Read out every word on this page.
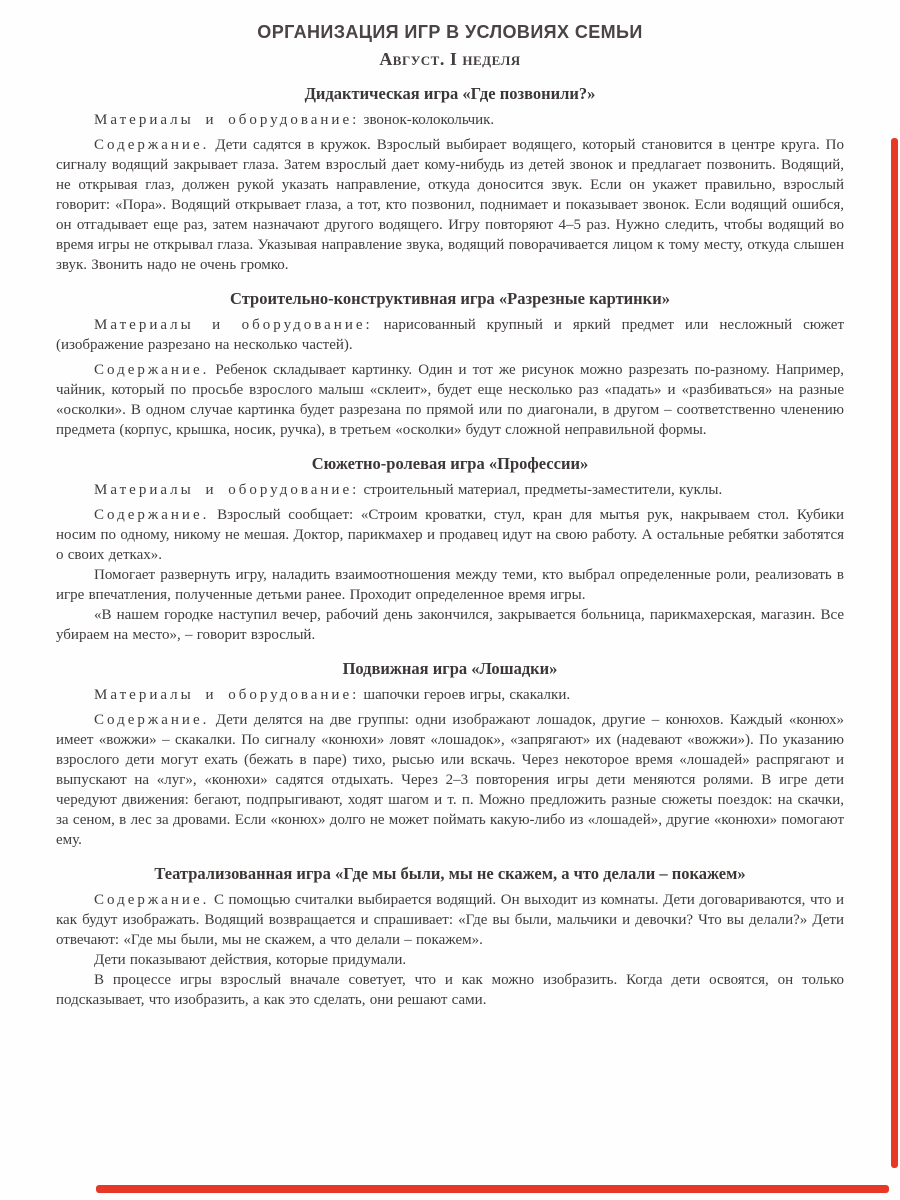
ОРГАНИЗАЦИЯ ИГР В УСЛОВИЯХ СЕМЬИ
Август. I неделя
Дидактическая игра «Где позвонили?»

Материалы и оборудование: звонок-колокольчик.

Содержание. Дети садятся в кружок. Взрослый выбирает водящего, который становится в центре круга. По сигналу водящий закрывает глаза. Затем взрослый дает кому-нибудь из детей звонок и предлагает позвонить. Водящий, не открывая глаз, должен рукой указать направление, откуда доносится звук. Если он укажет правильно, взрослый говорит: «Пора». Водящий открывает глаза, а тот, кто позвонил, поднимает и показывает звонок. Если водящий ошибся, он отгадывает еще раз, затем назначают другого водящего. Игру повторяют 4–5 раз. Нужно следить, чтобы водящий во время игры не открывал глаза. Указывая направление звука, водящий поворачивается лицом к тому месту, откуда слышен звук. Звонить надо не очень громко.

Строительно-конструктивная игра «Разрезные картинки»

Материалы и оборудование: нарисованный крупный и яркий предмет или несложный сюжет (изображение разрезано на несколько частей).

Содержание. Ребенок складывает картинку. Один и тот же рисунок можно разрезать по-разному. Например, чайник, который по просьбе взрослого малыш «склеит», будет еще несколько раз «падать» и «разбиваться» на разные «осколки». В одном случае картинка будет разрезана по прямой или по диагонали, в другом – соответственно членению предмета (корпус, крышка, носик, ручка), в третьем «осколки» будут сложной неправильной формы.

Сюжетно-ролевая игра «Профессии»

Материалы и оборудование: строительный материал, предметы-заместители, куклы.

Содержание. Взрослый сообщает: «Строим кроватки, стул, кран для мытья рук, накрываем стол. Кубики носим по одному, никому не мешая. Доктор, парикмахер и продавец идут на свою работу. А остальные ребятки заботятся о своих детках».

Помогает развернуть игру, наладить взаимоотношения между теми, кто выбрал определенные роли, реализовать в игре впечатления, полученные детьми ранее. Проходит определенное время игры.

«В нашем городке наступил вечер, рабочий день закончился, закрывается больница, парикмахерская, магазин. Все убираем на место», – говорит взрослый.

Подвижная игра «Лошадки»

Материалы и оборудование: шапочки героев игры, скакалки.

Содержание. Дети делятся на две группы: одни изображают лошадок, другие – конюхов. Каждый «конюх» имеет «вожжи» – скакалки. По сигналу «конюхи» ловят «лошадок», «запрягают» их (надевают «вожжи»). По указанию взрослого дети могут ехать (бежать в паре) тихо, рысью или вскачь. Через некоторое время «лошадей» распрягают и выпускают на «луг», «конюхи» садятся отдыхать. Через 2–3 повторения игры дети меняются ролями. В игре дети чередуют движения: бегают, подпрыгивают, ходят шагом и т. п. Можно предложить разные сюжеты поездок: на скачки, за сеном, в лес за дровами. Если «конюх» долго не может поймать какую-либо из «лошадей», другие «конюхи» помогают ему.

Театрализованная игра «Где мы были, мы не скажем, а что делали – покажем»

Содержание. С помощью считалки выбирается водящий. Он выходит из комнаты. Дети договариваются, что и как будут изображать. Водящий возвращается и спрашивает: «Где вы были, мальчики и девочки? Что вы делали?» Дети отвечают: «Где мы были, мы не скажем, а что делали – покажем».

Дети показывают действия, которые придумали.

В процессе игры взрослый вначале советует, что и как можно изобразить. Когда дети освоятся, он только подсказывает, что изобразить, а как это сделать, они решают сами.
